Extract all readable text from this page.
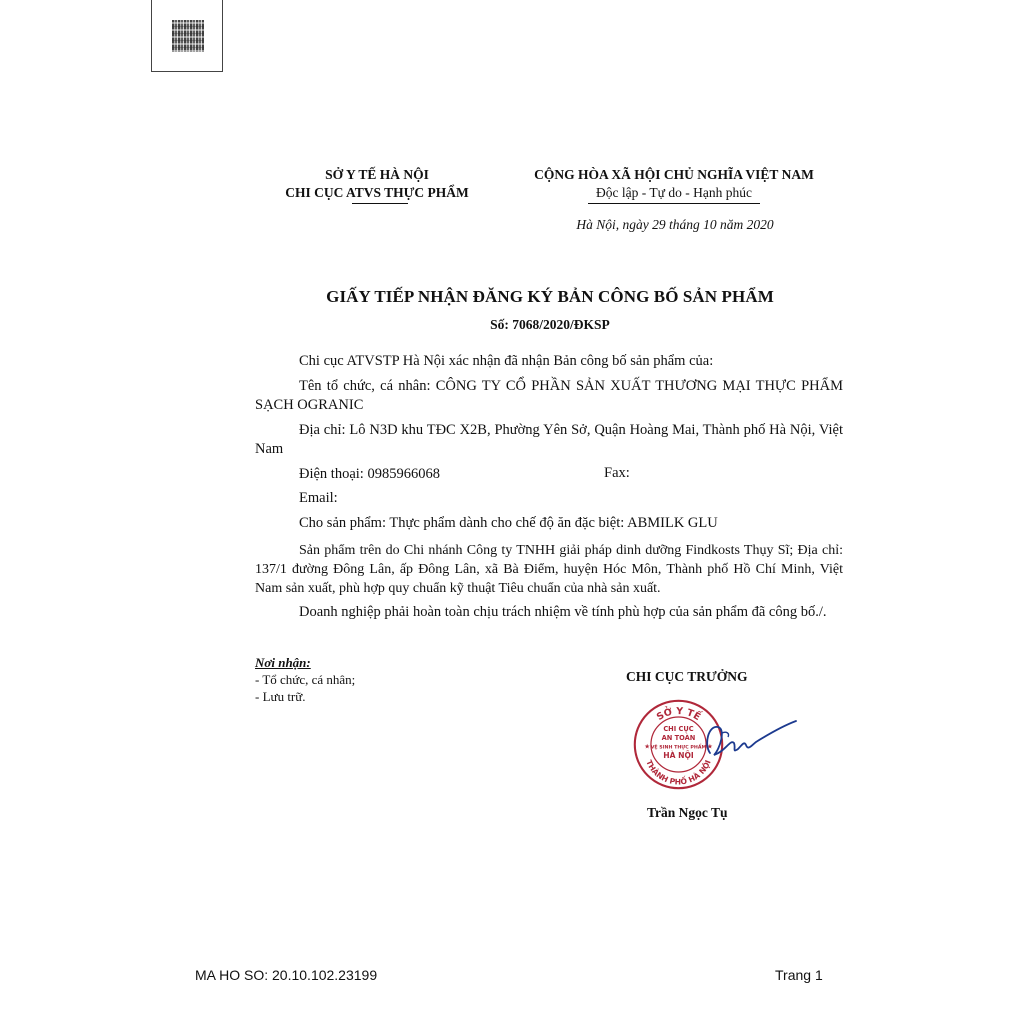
SỞ Y TẾ HÀ NỘI
CHI CỤC ATVS THỰC PHẨM
CỘNG HÒA XÃ HỘI CHỦ NGHĨA VIỆT NAM
Độc lập - Tự do - Hạnh phúc
Hà Nội, ngày 29 tháng 10 năm 2020
GIẤY TIẾP NHẬN ĐĂNG KÝ BẢN CÔNG BỐ SẢN PHẨM
Số: 7068/2020/ĐKSP
Chi cục ATVSTP Hà Nội xác nhận đã nhận Bản công bố sản phẩm của:
Tên tổ chức, cá nhân: CÔNG TY CỔ PHẦN SẢN XUẤT THƯƠNG MẠI THỰC PHẨM SẠCH OGRANIC
Địa chỉ: Lô N3D khu TĐC X2B, Phường Yên Sở, Quận Hoàng Mai, Thành phố Hà Nội, Việt Nam
Điện thoại: 0985966068	Fax:
Email:
Cho sản phẩm: Thực phẩm dành cho chế độ ăn đặc biệt: ABMILK GLU
Sản phẩm trên do Chi nhánh Công ty TNHH giải pháp dinh dưỡng Findkosts Thụy Sĩ; Địa chỉ: 137/1 đường Đông Lân, ấp Đông Lân, xã Bà Điểm, huyện Hóc Môn, Thành phố Hồ Chí Minh, Việt Nam sản xuất, phù hợp quy chuẩn kỹ thuật Tiêu chuẩn của nhà sản xuất.
Doanh nghiệp phải hoàn toàn chịu trách nhiệm về tính phù hợp của sản phẩm đã công bố./.
Nơi nhận:
- Tổ chức, cá nhân;
- Lưu trữ.
CHI CỤC TRƯỞNG
SỞ Y TẾ
THÀNH PHỐ HÀ NỘI
CHI CỤC
AN TOÀN
VỆ SINH THỰC PHẨM
HÀ NỘI
★	★
Trần Ngọc Tụ
MA HO SO: 20.10.102.23199	Trang 1
